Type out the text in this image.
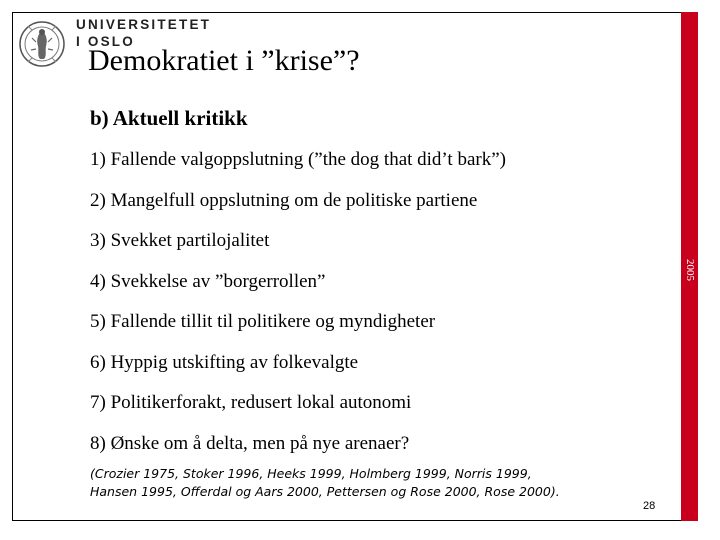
2005
UNIVERSITETET
I OSLO
Demokratiet i ”krise”?
b) Aktuell kritikk
1) Fallende valgoppslutning (”the dog that did’t bark”)
2) Mangelfull oppslutning om de politiske partiene
3) Svekket partilojalitet
4) Svekkelse av ”borgerrollen”
5) Fallende tillit til politikere og myndigheter
6) Hyppig utskifting av folkevalgte
7) Politikerforakt, redusert lokal autonomi
8) Ønske om å delta, men på nye arenaer?
(Crozier 1975, Stoker 1996, Heeks 1999, Holmberg 1999, Norris 1999,
Hansen 1995, Offerdal og Aars 2000, Pettersen og Rose 2000, Rose 2000).
28
